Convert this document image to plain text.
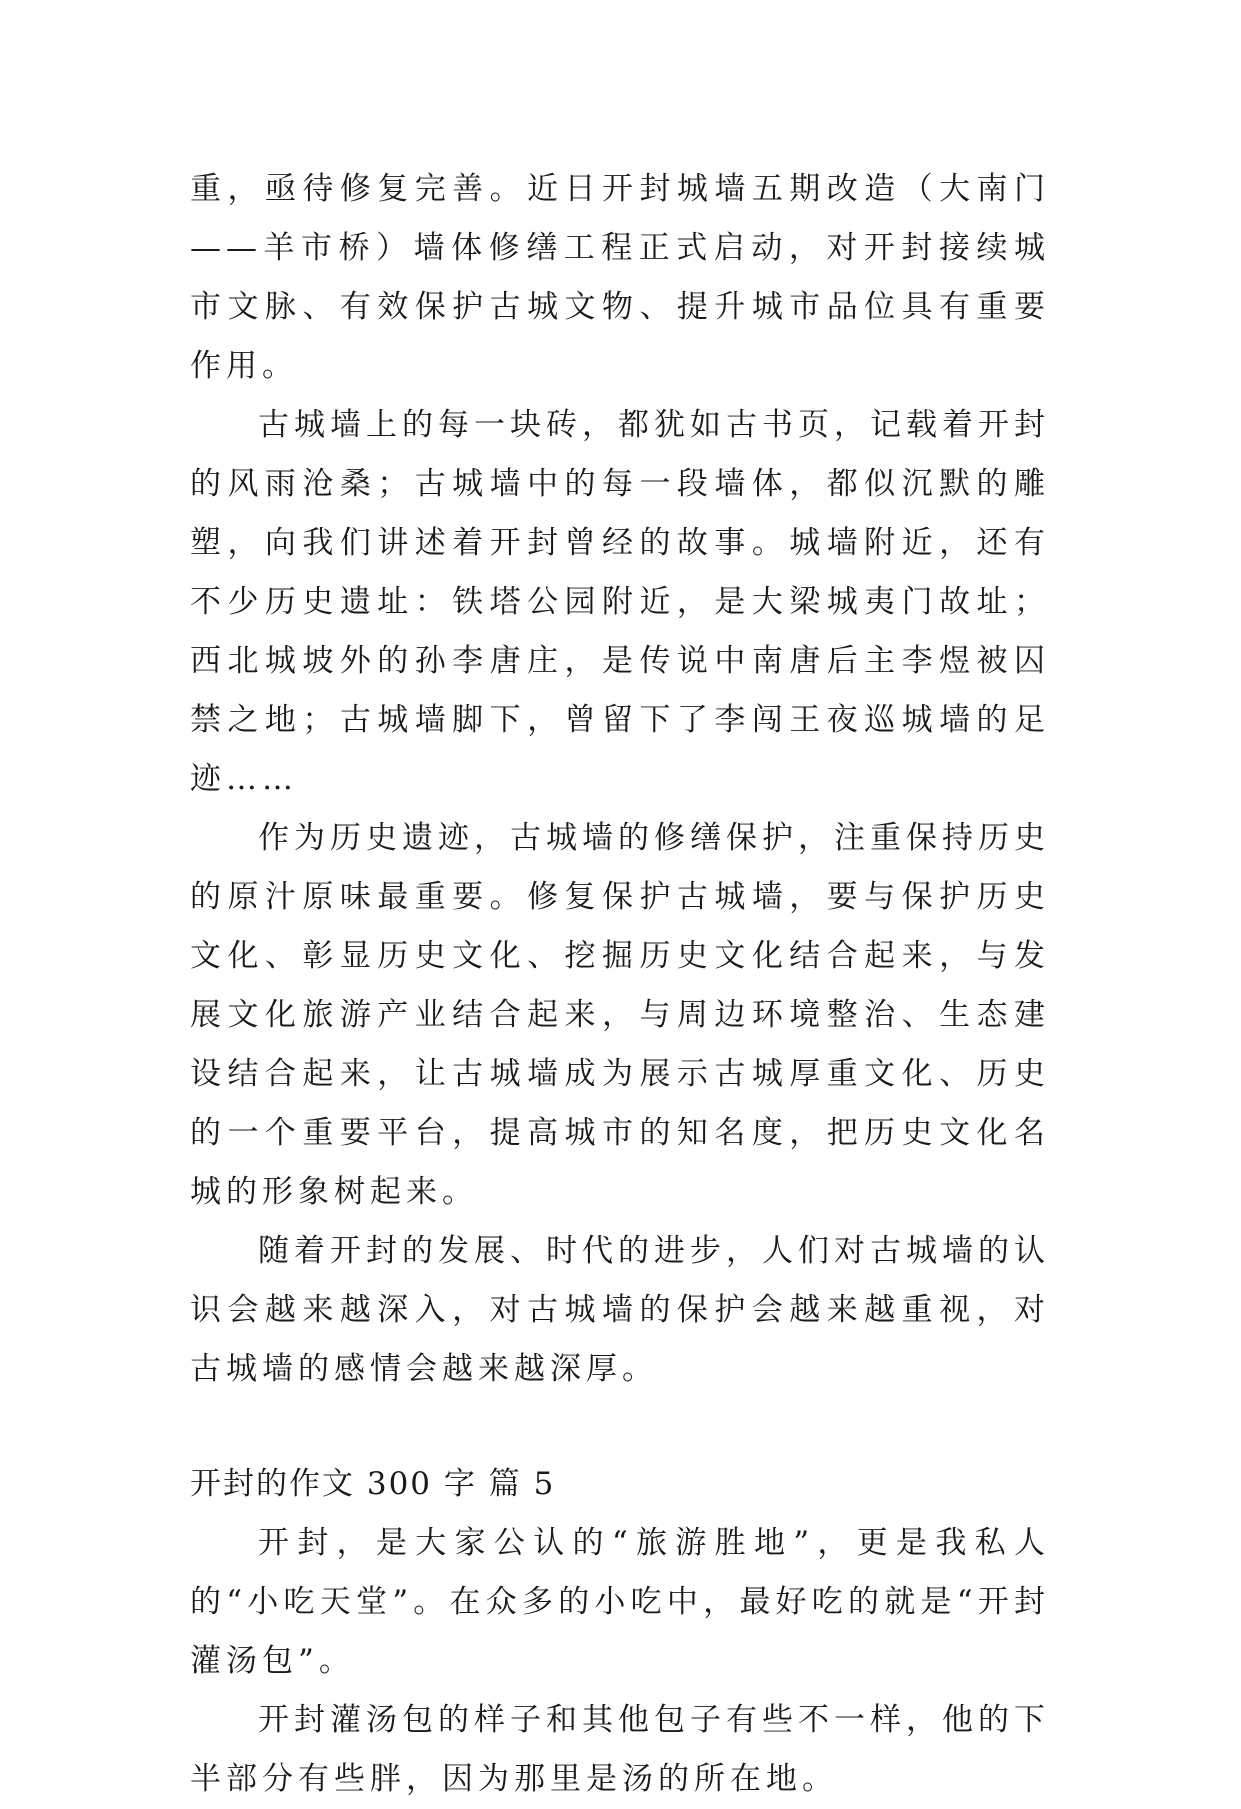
重，亟待修复完善。近日开封城墙五期改造（大南门——羊市桥）墙体修缮工程正式启动，对开封接续城市文脉、有效保护古城文物、提升城市品位具有重要作用。

古城墙上的每一块砖，都犹如古书页，记载着开封的风雨沧桑；古城墙中的每一段墙体，都似沉默的雕塑，向我们讲述着开封曾经的故事。城墙附近，还有不少历史遗址：铁塔公园附近，是大梁城夷门故址；西北城坡外的孙李唐庄，是传说中南唐后主李煜被囚禁之地；古城墙脚下，曾留下了李闯王夜巡城墙的足迹……

作为历史遗迹，古城墙的修缮保护，注重保持历史的原汁原味最重要。修复保护古城墙，要与保护历史文化、彰显历史文化、挖掘历史文化结合起来，与发展文化旅游产业结合起来，与周边环境整治、生态建设结合起来，让古城墙成为展示古城厚重文化、历史的一个重要平台，提高城市的知名度，把历史文化名城的形象树起来。

随着开封的发展、时代的进步，人们对古城墙的认识会越来越深入，对古城墙的保护会越来越重视，对古城墙的感情会越来越深厚。

开封的作文 300 字 篇 5

开封，是大家公认的“旅游胜地”，更是我私人的“小吃天堂”。在众多的小吃中，最好吃的就是“开封灌汤包”。

开封灌汤包的样子和其他包子有些不一样，他的下半部分有些胖，因为那里是汤的所在地。
